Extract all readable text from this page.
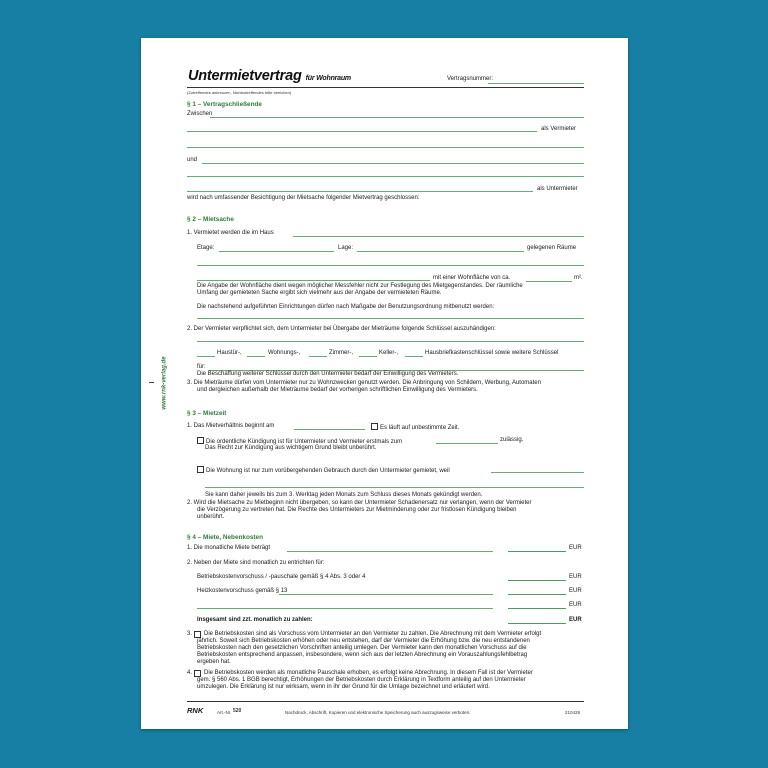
www.rnk-verlag.de
Untermietvertrag für Wohnraum	Vertragsnummer:
(Zutreffendes ankreuzen, Nichtzutreffendes bitte streichen)
§ 1 – Vertragschließende
Zwischen
als Vermieter
und
als Untermieter
wird nach umfassender Besichtigung der Mietsache folgender Mietvertrag geschlossen:
§ 2 – Mietsache
1. Vermietet werden die im Haus
Etage:	Lage:	gelegenen Räume
mit einer Wohnfläche von ca.	m².
Die Angabe der Wohnfläche dient wegen möglicher Messfehler nicht zur Festlegung des Mietgegenstandes. Der räumliche
Umfang der gemieteten Sache ergibt sich vielmehr aus der Angabe der vermieteten Räume.
Die nachstehend aufgeführten Einrichtungen dürfen nach Maßgabe der Benutzungsordnung mitbenutzt werden:
2. Der Vermieter verpflichtet sich, dem Untermieter bei Übergabe der Mieträume folgende Schlüssel auszuhändigen:
Haustür-,	Wohnungs-,	Zimmer-,	Keller-,	Hausbriefkastenschlüssel sowie weitere Schlüssel
für:
Die Beschaffung weiterer Schlüssel durch den Untermieter bedarf der Einwilligung des Vermieters.
3. Die Mieträume dürfen vom Untermieter nur zu Wohnzwecken genutzt werden. Die Anbringung von Schildern, Werbung, Automaten
und dergleichen außerhalb der Mieträume bedarf der vorherigen schriftlichen Einwilligung des Vermieters.
§ 3 – Mietzeit
1. Das Mietverhältnis beginnt am	Es läuft auf unbestimmte Zeit.
Die ordentliche Kündigung ist für Untermieter und Vermieter erstmals zum	zulässig.
Das Recht zur Kündigung aus wichtigem Grund bleibt unberührt.
Die Wohnung ist nur zum vorübergehenden Gebrauch durch den Untermieter gemietet, weil
Sie kann daher jeweils bis zum 3. Werktag jeden Monats zum Schluss dieses Monats gekündigt werden.
2. Wird die Mietsache zu Mietbeginn nicht übergeben, so kann der Untermieter Schadenersatz nur verlangen, wenn der Vermieter
die Verzögerung zu vertreten hat. Die Rechte des Untermieters zur Mietminderung oder zur fristlosen Kündigung bleiben
unberührt.
§ 4 – Miete, Nebenkosten
1. Die monatliche Miete beträgt	EUR
2. Neben der Miete sind monatlich zu entrichten für:
Betriebskostenvorschuss / -pauschale gemäß § 4 Abs. 3 oder 4	EUR
Heizkostenvorschuss gemäß § 13	EUR
EUR
Insgesamt sind zzt. monatlich zu zahlen:	EUR
3. Die Betriebskosten sind als Vorschuss vom Untermieter an den Vermieter zu zahlen. Die Abrechnung mit dem Vermieter erfolgt
jährlich. Soweit sich Betriebskosten erhöhen oder neu entstehen, darf der Vermieter die Erhöhung bzw. die neu entstandenen
Betriebskosten nach den gesetzlichen Vorschriften anteilig umlegen. Der Vermieter kann den monatlichen Vorschuss auf die
Betriebskosten entsprechend anpassen, insbesondere, wenn sich aus der letzten Abrechnung ein Vorauszahlungsfehlbetrag
ergeben hat.
4. Die Betriebskosten werden als monatliche Pauschale erhoben, es erfolgt keine Abrechnung. In diesem Fall ist der Vermieter
gem. § 560 Abs. 1 BGB berechtigt, Erhöhungen der Betriebskosten durch Erklärung in Textform anteilig auf den Untermieter
umzulegen. Die Erklärung ist nur wirksam, wenn in ihr der Grund für die Umlage bezeichnet und erläutert wird.
RNK	Art.-Nr. 520	Nachdruck, Abschrift, Kopieren und elektronische Speicherung auch auszugsweise verboten.	210429
